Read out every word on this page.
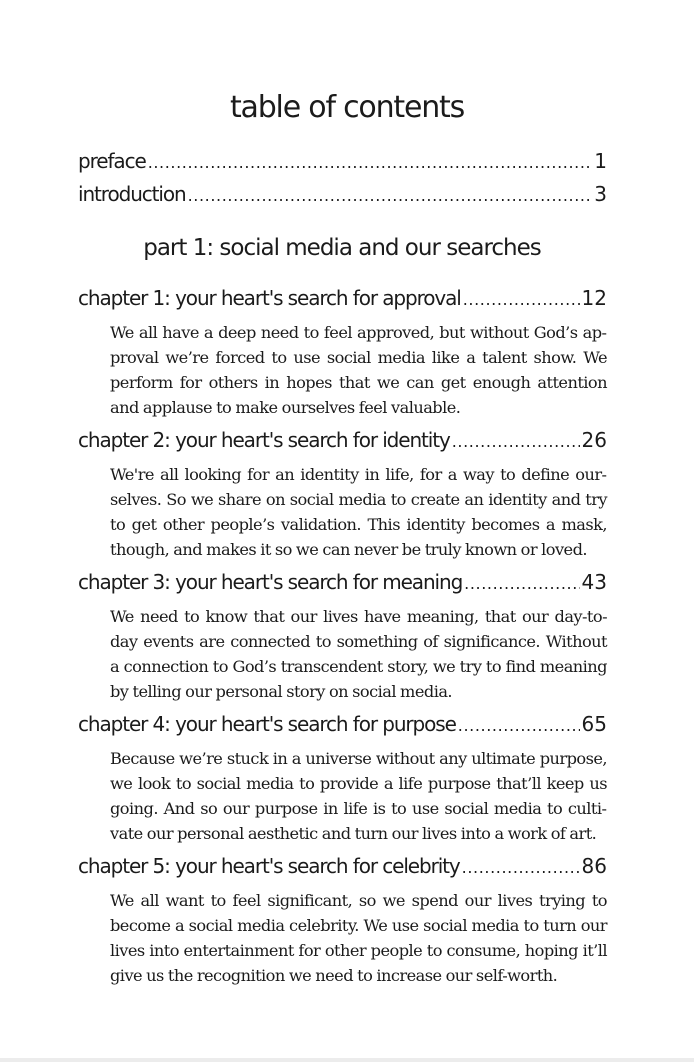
table of contents
preface .....	1
introduction .....	3
part 1: social media and our searches
chapter 1: your heart's search for approval .....	12

We all have a deep need to feel approved, but without God’s approval we’re forced to use social media like a talent show. We perform for others in hopes that we can get enough attention and applause to make ourselves feel valuable.

chapter 2: your heart's search for identity .....	26

We're all looking for an identity in life, for a way to define ourselves. So we share on social media to create an identity and try to get other people’s validation. This identity becomes a mask, though, and makes it so we can never be truly known or loved.

chapter 3: your heart's search for meaning .....	43

We need to know that our lives have meaning, that our day-to-day events are connected to something of significance. Without a connection to God’s transcendent story, we try to find meaning by telling our personal story on social media.

chapter 4: your heart's search for purpose .....	65

Because we’re stuck in a universe without any ultimate purpose, we look to social media to provide a life purpose that’ll keep us going. And so our purpose in life is to use social media to cultivate our personal aesthetic and turn our lives into a work of art.

chapter 5: your heart's search for celebrity .....	86

We all want to feel significant, so we spend our lives trying to become a social media celebrity. We use social media to turn our lives into entertainment for other people to consume, hoping it’ll give us the recognition we need to increase our self-worth.
